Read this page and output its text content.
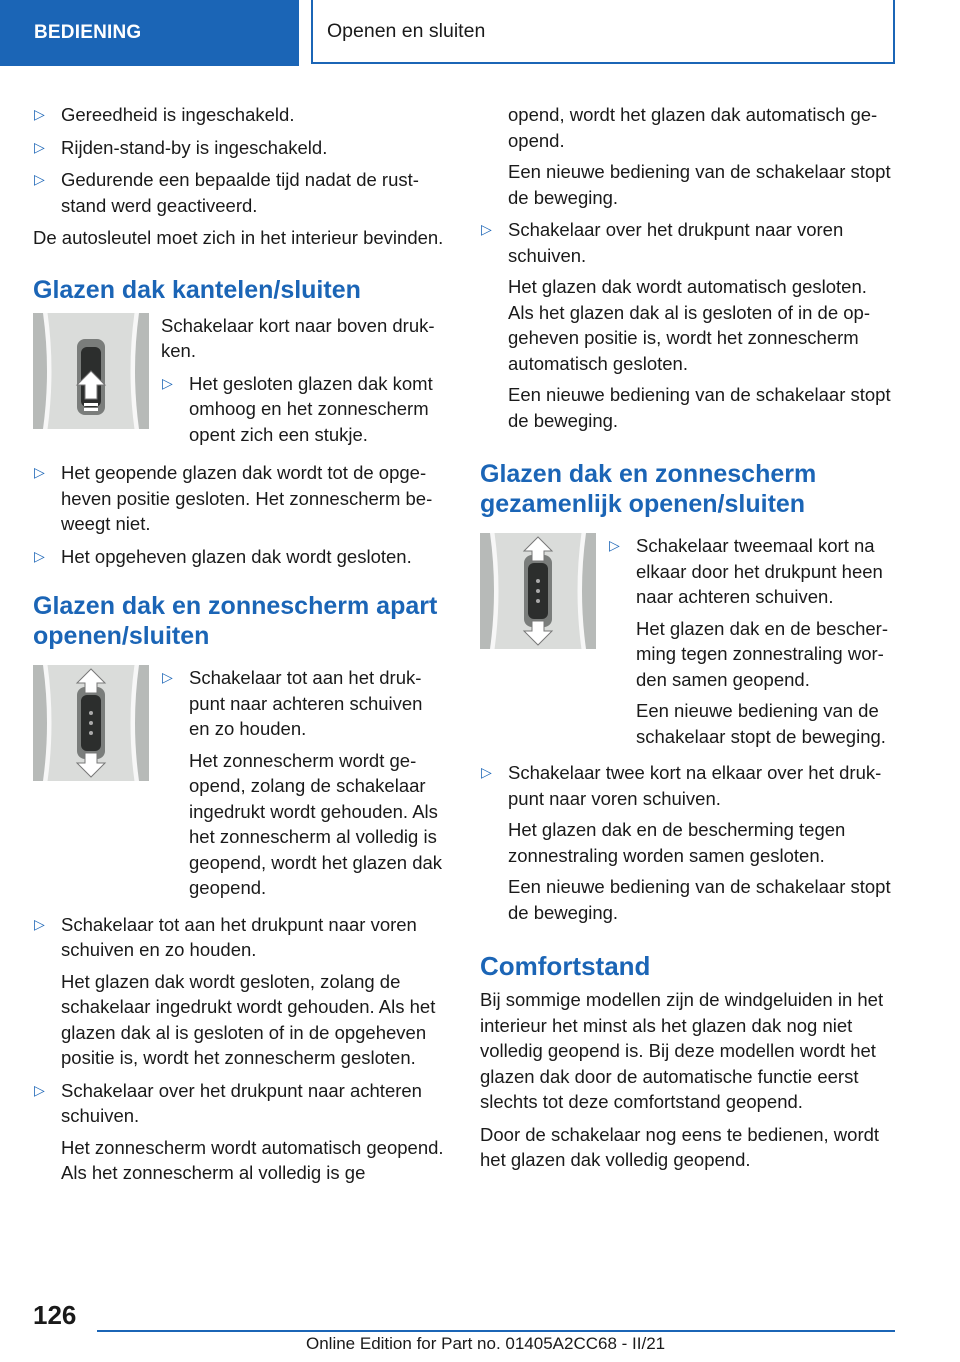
BEDIENING	Openen en sluiten
▷ Gereedheid is ingeschakeld.

▷ Rijden-stand-by is ingeschakeld.

▷ Gedurende een bepaalde tijd nadat de ruststand werd geactiveerd.

De autosleutel moet zich in het interieur bevinden.

Glazen dak kantelen/sluiten

Schakelaar kort naar boven drukken.

▷ Het gesloten glazen dak komt omhoog en het zonnescherm opent zich een stukje.

▷ Het geopende glazen dak wordt tot de opgeheven positie gesloten. Het zonnescherm beweegt niet.

▷ Het opgeheven glazen dak wordt gesloten.

Glazen dak en zonnescherm apart openen/sluiten
▷ Schakelaar tot aan het drukpunt naar achteren schuiven en zo houden.

Het zonnescherm wordt geopend, zolang de schakelaar ingedrukt wordt gehouden. Als het zonnescherm al volledig is geopend, wordt het glazen dak geopend.

▷ Schakelaar tot aan het drukpunt naar voren schuiven en zo houden.

Het glazen dak wordt gesloten, zolang de schakelaar ingedrukt wordt gehouden. Als het glazen dak al is gesloten of in de opgeheven positie is, wordt het zonnescherm gesloten.

▷ Schakelaar over het drukpunt naar achteren schuiven.

Het zonnescherm wordt automatisch geopend. Als het zonnescherm al volledig is ge

opend, wordt het glazen dak automatisch geopend.

Een nieuwe bediening van de schakelaar stopt de beweging.

▷ Schakelaar over het drukpunt naar voren schuiven.

Het glazen dak wordt automatisch gesloten. Als het glazen dak al is gesloten of in de opgeheven positie is, wordt het zonnescherm automatisch gesloten.

Een nieuwe bediening van de schakelaar stopt de beweging.

Glazen dak en zonnescherm gezamenlijk openen/sluiten
▷ Schakelaar tweemaal kort na elkaar door het drukpunt heen naar achteren schuiven.

Het glazen dak en de bescherming tegen zonnestraling worden samen geopend.

Een nieuwe bediening van de schakelaar stopt de beweging.

▷ Schakelaar twee kort na elkaar over het drukpunt naar voren schuiven.

Het glazen dak en de bescherming tegen zonnestraling worden samen gesloten.

Een nieuwe bediening van de schakelaar stopt de beweging.

Comfortstand

Bij sommige modellen zijn de windgeluiden in het interieur het minst als het glazen dak nog niet volledig geopend is. Bij deze modellen wordt het glazen dak door de automatische functie eerst slechts tot deze comfortstand geopend.

Door de schakelaar nog eens te bedienen, wordt het glazen dak volledig geopend.

126
Online Edition for Part no. 01405A2CC68 - II/21
